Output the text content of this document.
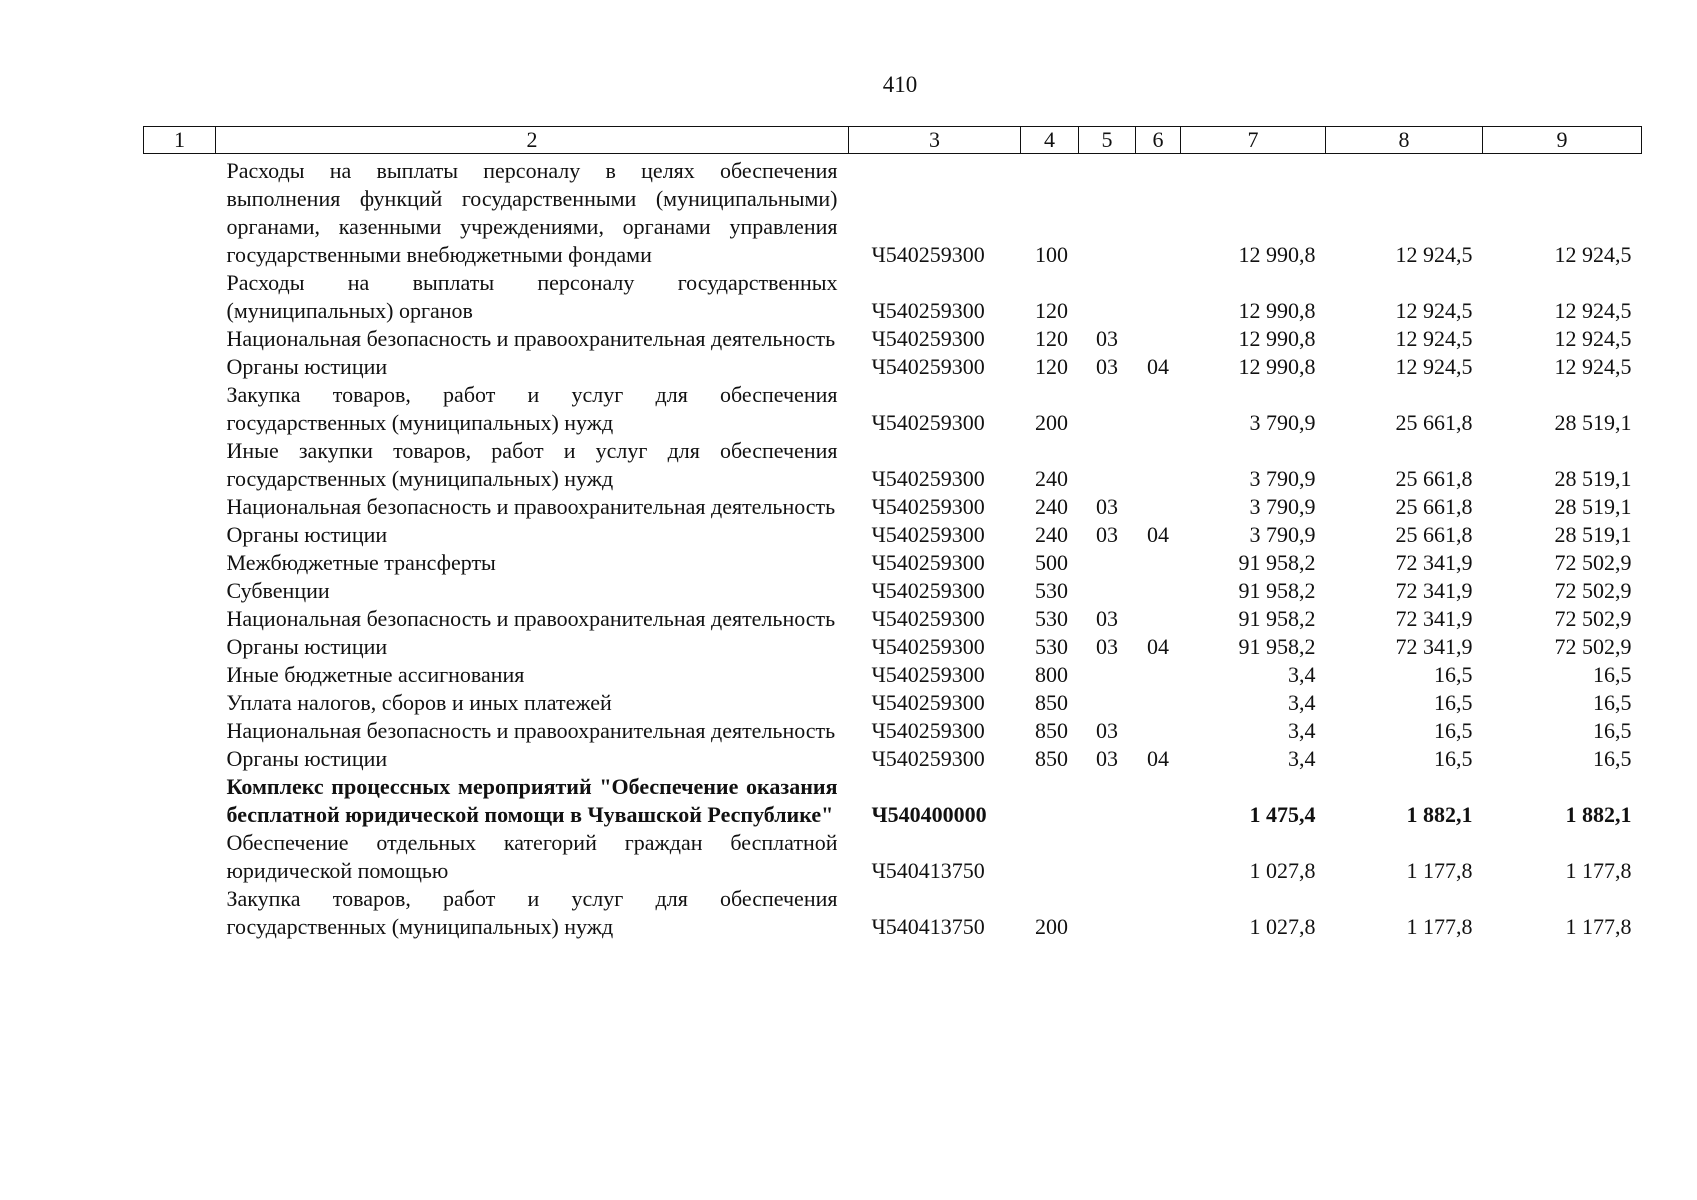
410
1	2	3	4	5	6	7	8	9
	Расходы на выплаты персоналу в целях обеспечения выполнения функций государственными (муниципальными) органами, казенными учреждениями, органами управления государственными внебюджетными фондами	Ч540259300	100			12 990,8	12 924,5	12 924,5
	Расходы на выплаты персоналу государственных (муниципальных) органов	Ч540259300	120			12 990,8	12 924,5	12 924,5
	Национальная безопасность и правоохранительная деятельность	Ч540259300	120	03		12 990,8	12 924,5	12 924,5
	Органы юстиции	Ч540259300	120	03	04	12 990,8	12 924,5	12 924,5
	Закупка товаров, работ и услуг для обеспечения государственных (муниципальных) нужд	Ч540259300	200			3 790,9	25 661,8	28 519,1
	Иные закупки товаров, работ и услуг для обеспечения государственных (муниципальных) нужд	Ч540259300	240			3 790,9	25 661,8	28 519,1
	Национальная безопасность и правоохранительная деятельность	Ч540259300	240	03		3 790,9	25 661,8	28 519,1
	Органы юстиции	Ч540259300	240	03	04	3 790,9	25 661,8	28 519,1
	Межбюджетные трансферты	Ч540259300	500			91 958,2	72 341,9	72 502,9
	Субвенции	Ч540259300	530			91 958,2	72 341,9	72 502,9
	Национальная безопасность и правоохранительная деятельность	Ч540259300	530	03		91 958,2	72 341,9	72 502,9
	Органы юстиции	Ч540259300	530	03	04	91 958,2	72 341,9	72 502,9
	Иные бюджетные ассигнования	Ч540259300	800			3,4	16,5	16,5
	Уплата налогов, сборов и иных платежей	Ч540259300	850			3,4	16,5	16,5
	Национальная безопасность и правоохранительная деятельность	Ч540259300	850	03		3,4	16,5	16,5
	Органы юстиции	Ч540259300	850	03	04	3,4	16,5	16,5
	Комплекс процессных мероприятий "Обеспечение оказания бесплатной юридической помощи в Чувашской Республике"	Ч540400000				1 475,4	1 882,1	1 882,1
	Обеспечение отдельных категорий граждан бесплатной юридической помощью	Ч540413750				1 027,8	1 177,8	1 177,8
	Закупка товаров, работ и услуг для обеспечения государственных (муниципальных) нужд	Ч540413750	200			1 027,8	1 177,8	1 177,8
